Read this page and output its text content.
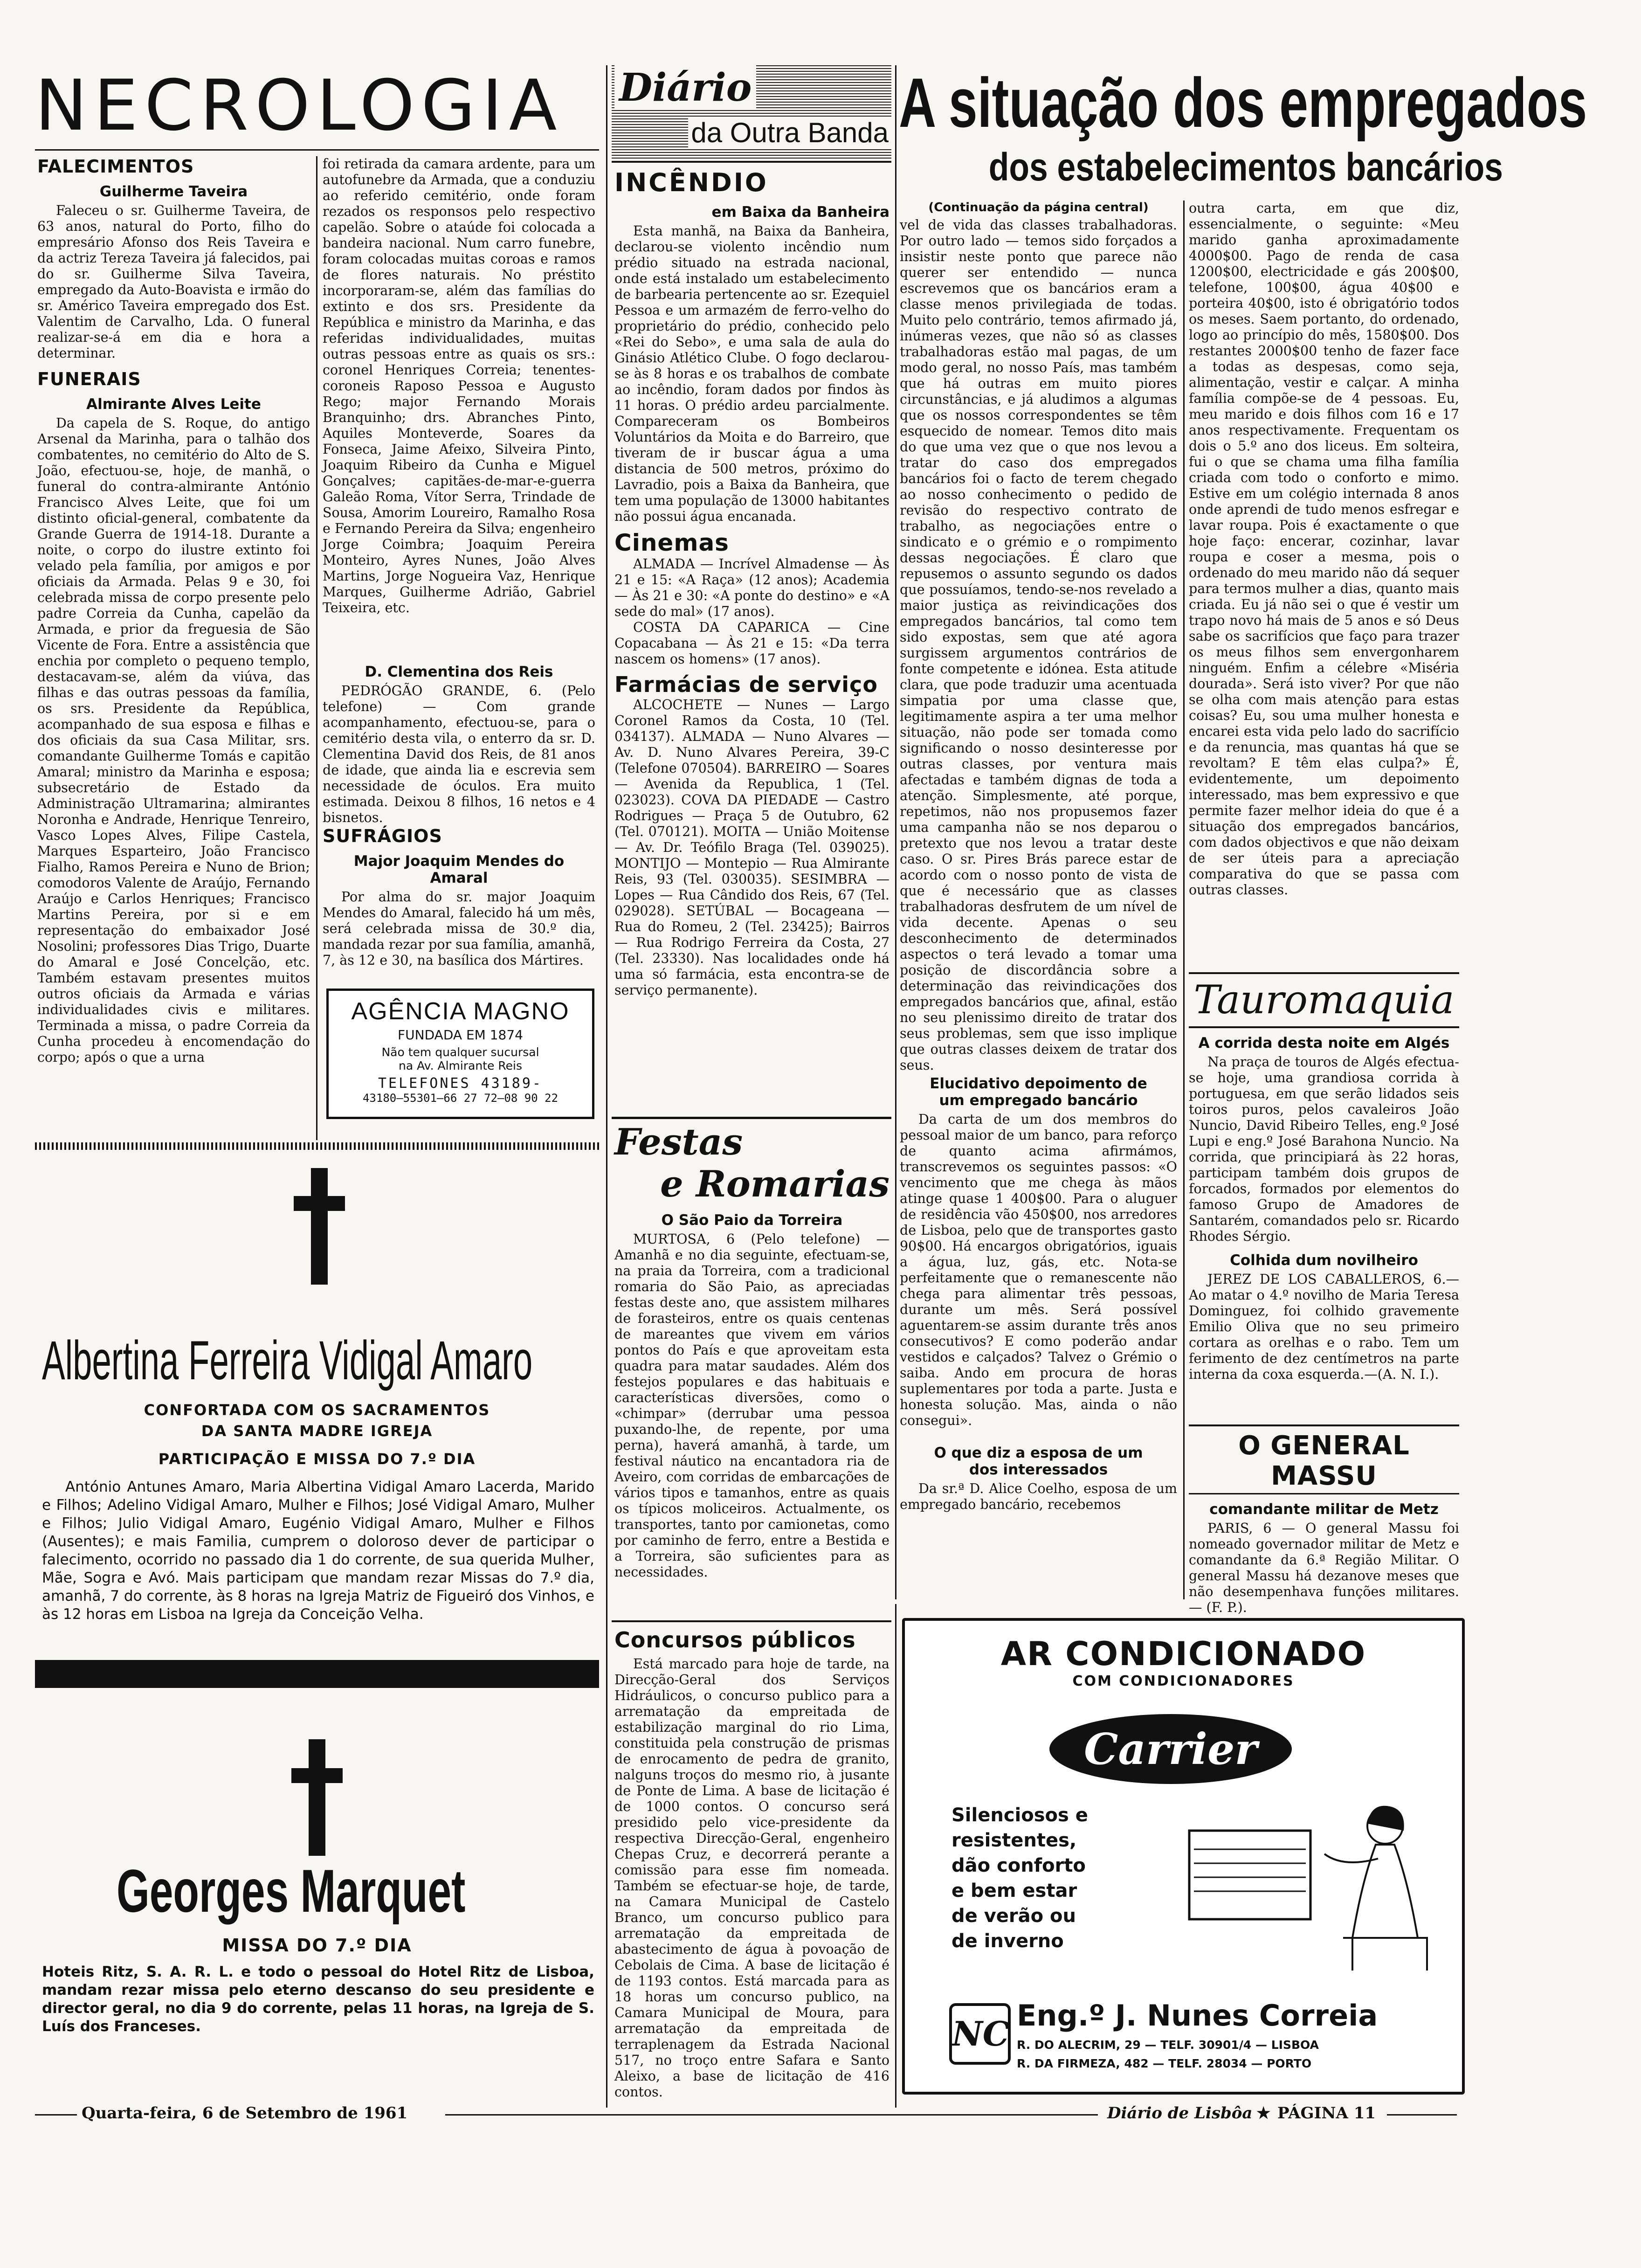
NECROLOGIA
FALECIMENTOS
Guilherme Taveira
Faleceu o sr. Guilherme Taveira, de 63 anos, natural do Porto, filho do empresário Afonso dos Reis Taveira e da actriz Tereza Taveira já falecidos, pai do sr. Guilherme Silva Taveira, empregado da Auto-Boavista e irmão do sr. Américo Taveira empregado dos Est. Valentim de Carvalho, Lda. O funeral realizar-se-á em dia e hora a determinar.
FUNERAIS
Almirante Alves Leite
Da capela de S. Roque, do antigo Arsenal da Marinha, para o talhão dos combatentes, no cemitério do Alto de S. João, efectuou-se, hoje, de manhã, o funeral do contra-almirante António Francisco Alves Leite, que foi um distinto oficial-general, combatente da Grande Guerra de 1914-18. Durante a noite, o corpo do ilustre extinto foi velado pela família, por amigos e por oficiais da Armada. Pelas 9 e 30, foi celebrada missa de corpo presente pelo padre Correia da Cunha, capelão da Armada, e prior da freguesia de São Vicente de Fora. Entre a assistência que enchia por completo o pequeno templo, destacavam-se, além da viúva, das filhas e das outras pessoas da família, os srs. Presidente da República, acompanhado de sua esposa e filhas e dos oficiais da sua Casa Militar, srs. comandante Guilherme Tomás e capitão Amaral; ministro da Marinha e esposa; subsecretário de Estado da Administração Ultramarina; almirantes Noronha e Andrade, Henrique Tenreiro, Vasco Lopes Alves, Filipe Castela, Marques Esparteiro, João Francisco Fialho, Ramos Pereira e Nuno de Brion; comodoros Valente de Araújo, Fernando Araújo e Carlos Henriques; Francisco Martins Pereira, por si e em representação do embaixador José Nosolini; professores Dias Trigo, Duarte do Amaral e José Concelção, etc. Também estavam presentes muitos outros oficiais da Armada e várias individualidades civis e militares. Terminada a missa, o padre Correia da Cunha procedeu à encomendação do corpo; após o que a urna
foi retirada da camara ardente, para um autofunebre da Armada, que a conduziu ao referido cemitério, onde foram rezados os responsos pelo respectivo capelão. Sobre o ataúde foi colocada a bandeira nacional. Num carro funebre, foram colocadas muitas coroas e ramos de flores naturais. No préstito incorporaram-se, além das famílias do extinto e dos srs. Presidente da República e ministro da Marinha, e das referidas individualidades, muitas outras pessoas entre as quais os srs.: coronel Henriques Correia; tenentes-coroneis Raposo Pessoa e Augusto Rego; major Fernando Morais Branquinho; drs. Abranches Pinto, Aquiles Monteverde, Soares da Fonseca, Jaime Afeixo, Silveira Pinto, Joaquim Ribeiro da Cunha e Miguel Gonçalves; capitães-de-mar-e-guerra Galeão Roma, Vítor Serra, Trindade de Sousa, Amorim Loureiro, Ramalho Rosa e Fernando Pereira da Silva; engenheiro Jorge Coimbra; Joaquim Pereira Monteiro, Ayres Nunes, João Alves Martins, Jorge Nogueira Vaz, Henrique Marques, Guilherme Adrião, Gabriel Teixeira, etc.
D. Clementina dos Reis
PEDRÓGÃO GRANDE, 6. (Pelo telefone) — Com grande acompanhamento, efectuou-se, para o cemitério desta vila, o enterro da sr. D. Clementina David dos Reis, de 81 anos de idade, que ainda lia e escrevia sem necessidade de óculos. Era muito estimada. Deixou 8 filhos, 16 netos e 4 bisnetos.
SUFRÁGIOS
Major Joaquim Mendes do Amaral
Por alma do sr. major Joaquim Mendes do Amaral, falecido há um mês, será celebrada missa de 30.º dia, mandada rezar por sua família, amanhã, 7, às 12 e 30, na basílica dos Mártires.
AGÊNCIA MAGNO
FUNDADA EM 1874
Não tem qualquer sucursal
na Av. Almirante Reis
TELEFONES 43189-
43180—55301—66 27 72—08 90 22
Albertina Ferreira Vidigal Amaro
CONFORTADA COM OS SACRAMENTOS
DA SANTA MADRE IGREJA
PARTICIPAÇÃO E MISSA DO 7.º DIA
António Antunes Amaro, Maria Albertina Vidigal Amaro Lacerda, Marido e Filhos; Adelino Vidigal Amaro, Mulher e Filhos; José Vidigal Amaro, Mulher e Filhos; Julio Vidigal Amaro, Eugénio Vidigal Amaro, Mulher e Filhos (Ausentes); e mais Familia, cumprem o doloroso dever de participar o falecimento, ocorrido no passado dia 1 do corrente, de sua querida Mulher, Mãe, Sogra e Avó. Mais participam que mandam rezar Missas do 7.º dia, amanhã, 7 do corrente, às 8 horas na Igreja Matriz de Figueiró dos Vinhos, e às 12 horas em Lisboa na Igreja da Conceição Velha.
Georges Marquet
MISSA DO 7.º DIA
Hoteis Ritz, S. A. R. L. e todo o pessoal do Hotel Ritz de Lisboa, mandam rezar missa pelo eterno descanso do seu presidente e director geral, no dia 9 do corrente, pelas 11 horas, na Igreja de S. Luís dos Franceses.
Diário
da Outra Banda
INCÊNDIO
em Baixa da Banheira
Esta manhã, na Baixa da Banheira, declarou-se violento incêndio num prédio situado na estrada nacional, onde está instalado um estabelecimento de barbearia pertencente ao sr. Ezequiel Pessoa e um armazém de ferro-velho do proprietário do prédio, conhecido pelo «Rei do Sebo», e uma sala de aula do Ginásio Atlético Clube. O fogo declarou-se às 8 horas e os trabalhos de combate ao incêndio, foram dados por findos às 11 horas. O prédio ardeu parcialmente. Compareceram os Bombeiros Voluntários da Moita e do Barreiro, que tiveram de ir buscar água a uma distancia de 500 metros, próximo do Lavradio, pois a Baixa da Banheira, que tem uma população de 13000 habitantes não possui água encanada.
Cinemas
ALMADA — Incrível Almadense — Às 21 e 15: «A Raça» (12 anos); Academia — Às 21 e 30: «A ponte do destino» e «A sede do mal» (17 anos).
COSTA DA CAPARICA — Cine Copacabana — Às 21 e 15: «Da terra nascem os homens» (17 anos).
Farmácias de serviço
ALCOCHETE — Nunes — Largo Coronel Ramos da Costa, 10 (Tel. 034137). ALMADA — Nuno Alvares — Av. D. Nuno Alvares Pereira, 39-C (Telefone 070504). BARREIRO — Soares — Avenida da Republica, 1 (Tel. 023023). COVA DA PIEDADE — Castro Rodrigues — Praça 5 de Outubro, 62 (Tel. 070121). MOITA — União Moitense — Av. Dr. Teófilo Braga (Tel. 039025). MONTIJO — Montepio — Rua Almirante Reis, 93 (Tel. 030035). SESIMBRA — Lopes — Rua Cândido dos Reis, 67 (Tel. 029028). SETÚBAL — Bocageana — Rua do Romeu, 2 (Tel. 23425); Bairros — Rua Rodrigo Ferreira da Costa, 27 (Tel. 23330). Nas localidades onde há uma só farmácia, esta encontra-se de serviço permanente).
Festas
e Romarias
O São Paio da Torreira
MURTOSA, 6 (Pelo telefone) — Amanhã e no dia seguinte, efectuam-se, na praia da Torreira, com a tradicional romaria do São Paio, as apreciadas festas deste ano, que assistem milhares de forasteiros, entre os quais centenas de mareantes que vivem em vários pontos do País e que aproveitam esta quadra para matar saudades. Além dos festejos populares e das habituais e características diversões, como o «chimpar» (derrubar uma pessoa puxando-lhe, de repente, por uma perna), haverá amanhã, à tarde, um festival náutico na encantadora ria de Aveiro, com corridas de embarcações de vários tipos e tamanhos, entre as quais os típicos moliceiros. Actualmente, os transportes, tanto por camionetas, como por caminho de ferro, entre a Bestida e a Torreira, são suficientes para as necessidades.
Concursos públicos
Está marcado para hoje de tarde, na Direcção-Geral dos Serviços Hidráulicos, o concurso publico para a arrematação da empreitada de estabilização marginal do rio Lima, constituida pela construção de prismas de enrocamento de pedra de granito, nalguns troços do mesmo rio, à jusante de Ponte de Lima. A base de licitação é de 1000 contos. O concurso será presidido pelo vice-presidente da respectiva Direcção-Geral, engenheiro Chepas Cruz, e decorrerá perante a comissão para esse fim nomeada. Também se efectuar-se hoje, de tarde, na Camara Municipal de Castelo Branco, um concurso publico para arrematação da empreitada de abastecimento de água à povoação de Cebolais de Cima. A base de licitação é de 1193 contos. Está marcada para as 18 horas um concurso publico, na Camara Municipal de Moura, para arrematação da empreitada de terraplenagem da Estrada Nacional 517, no troço entre Safara e Santo Aleixo, a base de licitação de 416 contos.
A situação dos empregados
dos estabelecimentos bancários
(Continuação da página central)
vel de vida das classes trabalhadoras. Por outro lado — temos sido forçados a insistir neste ponto que parece não querer ser entendido — nunca escrevemos que os bancários eram a classe menos privilegiada de todas. Muito pelo contrário, temos afirmado já, inúmeras vezes, que não só as classes trabalhadoras estão mal pagas, de um modo geral, no nosso País, mas também que há outras em muito piores circunstâncias, e já aludimos a algumas que os nossos correspondentes se têm esquecido de nomear. Temos dito mais do que uma vez que o que nos levou a tratar do caso dos empregados bancários foi o facto de terem chegado ao nosso conhecimento o pedido de revisão do respectivo contrato de trabalho, as negociações entre o sindicato e o grémio e o rompimento dessas negociações. É claro que repusemos o assunto segundo os dados que possuíamos, tendo-se-nos revelado a maior justiça as reivindicações dos empregados bancários, tal como tem sido expostas, sem que até agora surgissem argumentos contrários de fonte competente e idónea. Esta atitude clara, que pode traduzir uma acentuada simpatia por uma classe que, legitimamente aspira a ter uma melhor situação, não pode ser tomada como significando o nosso desinteresse por outras classes, por ventura mais afectadas e também dignas de toda a atenção. Simplesmente, até porque, repetimos, não nos propusemos fazer uma campanha não se nos deparou o pretexto que nos levou a tratar deste caso. O sr. Pires Brás parece estar de acordo com o nosso ponto de vista de que é necessário que as classes trabalhadoras desfrutem de um nível de vida decente. Apenas o seu desconhecimento de determinados aspectos o terá levado a tomar uma posição de discordância sobre a determinação das reivindicações dos empregados bancários que, afinal, estão no seu plenissimo direito de tratar dos seus problemas, sem que isso implique que outras classes deixem de tratar dos seus.
Elucidativo depoimento de um empregado bancário
Da carta de um dos membros do pessoal maior de um banco, para reforço de quanto acima afirmámos, transcrevemos os seguintes passos: «O vencimento que me chega às mãos atinge quase 1 400$00. Para o aluguer de residência vão 450$00, nos arredores de Lisboa, pelo que de transportes gasto 90$00. Há encargos obrigatórios, iguais a água, luz, gás, etc. Nota-se perfeitamente que o remanescente não chega para alimentar três pessoas, durante um mês. Será possível aguentarem-se assim durante três anos consecutivos? E como poderão andar vestidos e calçados? Talvez o Grémio o saiba. Ando em procura de horas suplementares por toda a parte. Justa e honesta solução. Mas, ainda o não consegui».
O que diz a esposa de um dos interessados
Da sr.ª D. Alice Coelho, esposa de um empregado bancário, recebemos
outra carta, em que diz, essencialmente, o seguinte: «Meu marido ganha aproximadamente 4000$00. Pago de renda de casa 1200$00, electricidade e gás 200$00, telefone, 100$00, água 40$00 e porteira 40$00, isto é obrigatório todos os meses. Saem portanto, do ordenado, logo ao princípio do mês, 1580$00. Dos restantes 2000$00 tenho de fazer face a todas as despesas, como seja, alimentação, vestir e calçar. A minha família compõe-se de 4 pessoas. Eu, meu marido e dois filhos com 16 e 17 anos respectivamente. Frequentam os dois o 5.º ano dos liceus. Em solteira, fui o que se chama uma filha família criada com todo o conforto e mimo. Estive em um colégio internada 8 anos onde aprendi de tudo menos esfregar e lavar roupa. Pois é exactamente o que hoje faço: encerar, cozinhar, lavar roupa e coser a mesma, pois o ordenado do meu marido não dá sequer para termos mulher a dias, quanto mais criada. Eu já não sei o que é vestir um trapo novo há mais de 5 anos e só Deus sabe os sacrifícios que faço para trazer os meus filhos sem envergonharem ninguém. Enfim a célebre «Miséria dourada». Será isto viver? Por que não se olha com mais atenção para estas coisas? Eu, sou uma mulher honesta e encarei esta vida pelo lado do sacrifício e da renuncia, mas quantas há que se revoltam? E têm elas culpa?» É, evidentemente, um depoimento interessado, mas bem expressivo e que permite fazer melhor ideia do que é a situação dos empregados bancários, com dados objectivos e que não deixam de ser úteis para a apreciação comparativa do que se passa com outras classes.
Tauromaquia
A corrida desta noite em Algés
Na praça de touros de Algés efectua-se hoje, uma grandiosa corrida à portuguesa, em que serão lidados seis toiros puros, pelos cavaleiros João Nuncio, David Ribeiro Telles, eng.º José Lupi e eng.º José Barahona Nuncio. Na corrida, que principiará às 22 horas, participam também dois grupos de forcados, formados por elementos do famoso Grupo de Amadores de Santarém, comandados pelo sr. Ricardo Rhodes Sérgio.
Colhida dum novilheiro
JEREZ DE LOS CABALLEROS, 6.—Ao matar o 4.º novilho de Maria Teresa Dominguez, foi colhido gravemente Emilio Oliva que no seu primeiro cortara as orelhas e o rabo. Tem um ferimento de dez centímetros na parte interna da coxa esquerda.—(A. N. I.).
O GENERAL MASSU
comandante militar de Metz
PARIS, 6 — O general Massu foi nomeado governador militar de Metz e comandante da 6.ª Região Militar. O general Massu há dezanove meses que não desempenhava funções militares. — (F. P.).
AR CONDICIONADO
COM CONDICIONADORES
Carrier
Silenciosos e
resistentes,
dão conforto
e bem estar
de verão ou
de inverno
NC Eng.º J. Nunes Correia
R. DO ALECRIM, 29 — TELF. 30901/4 — LISBOA
R. DA FIRMEZA, 482 — TELF. 28034 — PORTO
Quarta-feira, 6 de Setembro de 1961	Diário de Lisbôa ★ PÁGINA 11
